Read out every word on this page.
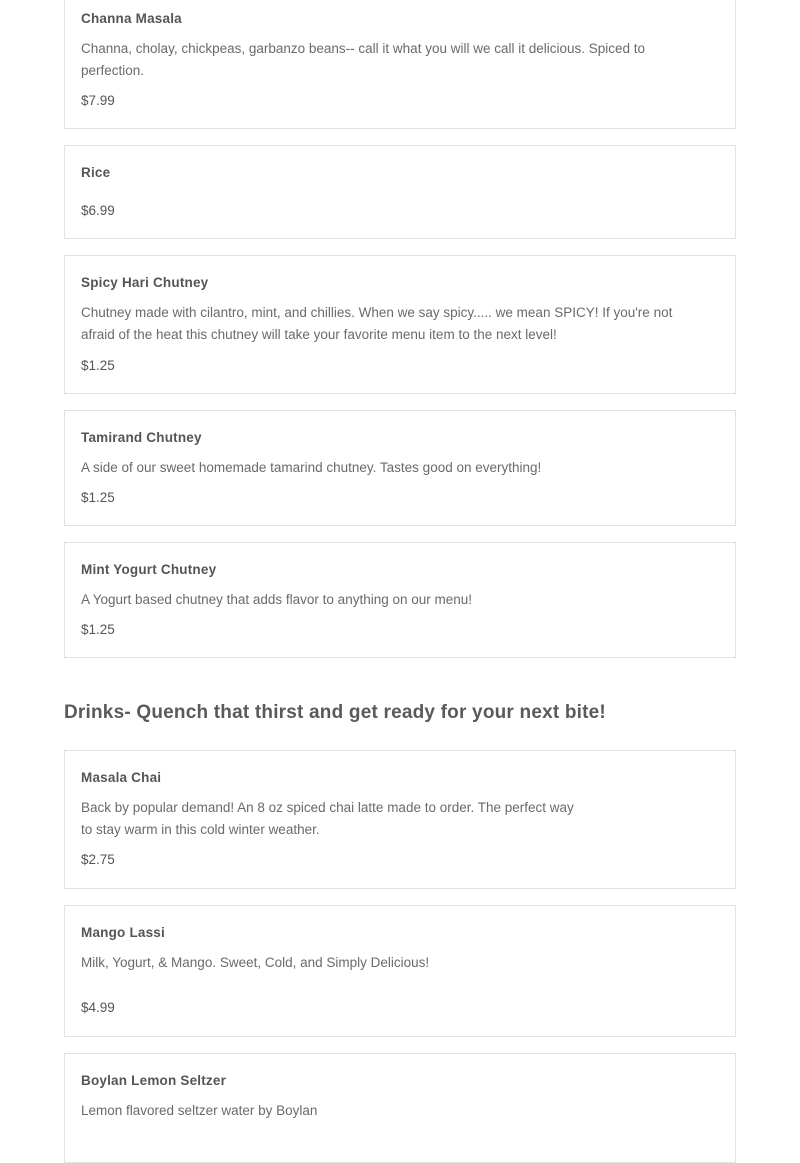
Channa Masala
Channa, cholay, chickpeas, garbanzo beans-- call it what you will we call it delicious. Spiced to perfection.
$7.99
Rice
$6.99
Spicy Hari Chutney
Chutney made with cilantro, mint, and chillies. When we say spicy..... we mean SPICY! If you're not afraid of the heat this chutney will take your favorite menu item to the next level!
$1.25
Tamirand Chutney
A side of our sweet homemade tamarind chutney. Tastes good on everything!
$1.25
Mint Yogurt Chutney
A Yogurt based chutney that adds flavor to anything on our menu!
$1.25
Drinks- Quench that thirst and get ready for your next bite!
Masala Chai
Back by popular demand! An 8 oz spiced chai latte made to order. The perfect way to stay warm in this cold winter weather.
$2.75
Mango Lassi
Milk, Yogurt, & Mango. Sweet, Cold, and Simply Delicious!
$4.99
Boylan Lemon Seltzer
Lemon flavored seltzer water by Boylan
